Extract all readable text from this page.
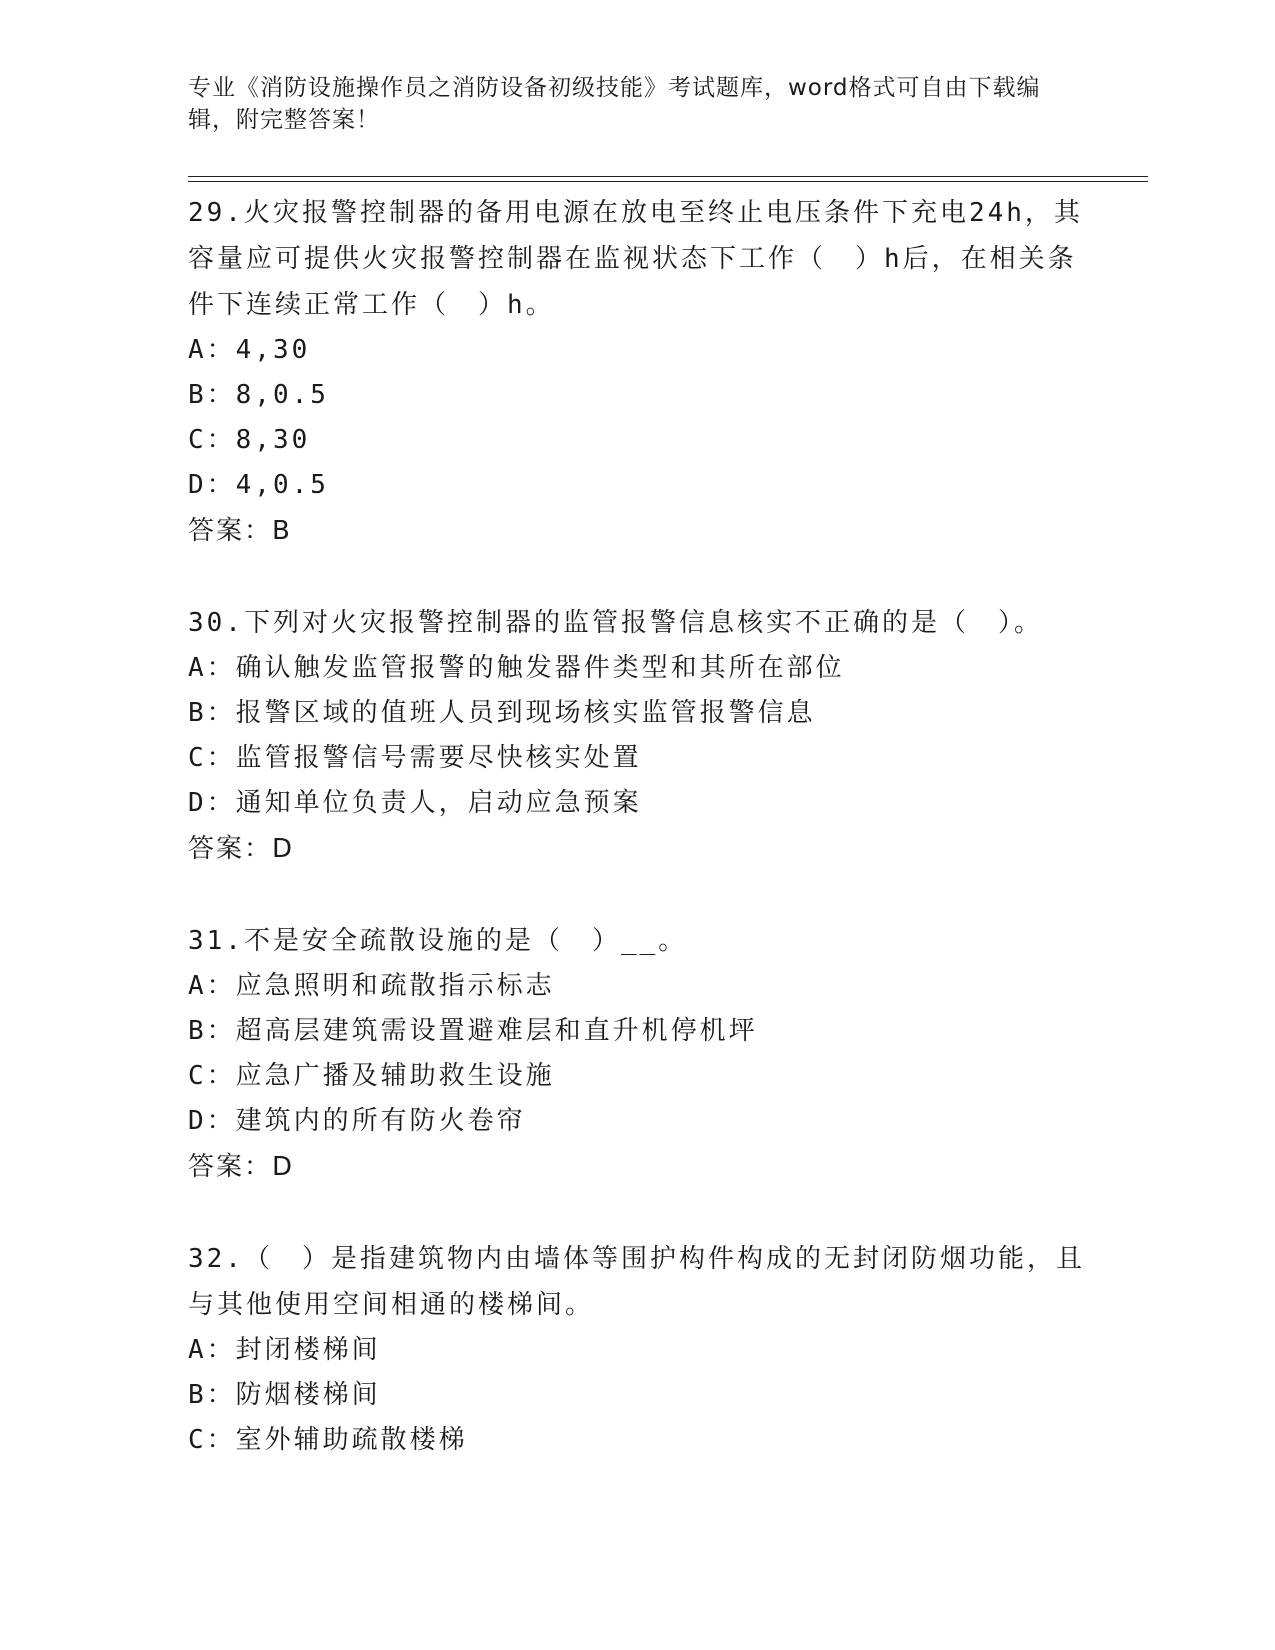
专业《消防设施操作员之消防设备初级技能》考试题库，word格式可自由下载编辑，附完整答案！
29.火灾报警控制器的备用电源在放电至终止电压条件下充电24h，其容量应可提供火灾报警控制器在监视状态下工作（　）h后，在相关条件下连续正常工作（　）h。
A：4,30
B：8,0.5
C：8,30
D：4,0.5
答案：B
30.下列对火灾报警控制器的监管报警信息核实不正确的是（　）。
A：确认触发监管报警的触发器件类型和其所在部位
B：报警区域的值班人员到现场核实监管报警信息
C：监管报警信号需要尽快核实处置
D：通知单位负责人，启动应急预案
答案：D
31.不是安全疏散设施的是（　）__。
A：应急照明和疏散指示标志
B：超高层建筑需设置避难层和直升机停机坪
C：应急广播及辅助救生设施
D：建筑内的所有防火卷帘
答案：D
32.（　）是指建筑物内由墙体等围护构件构成的无封闭防烟功能，且与其他使用空间相通的楼梯间。
A：封闭楼梯间
B：防烟楼梯间
C：室外辅助疏散楼梯
